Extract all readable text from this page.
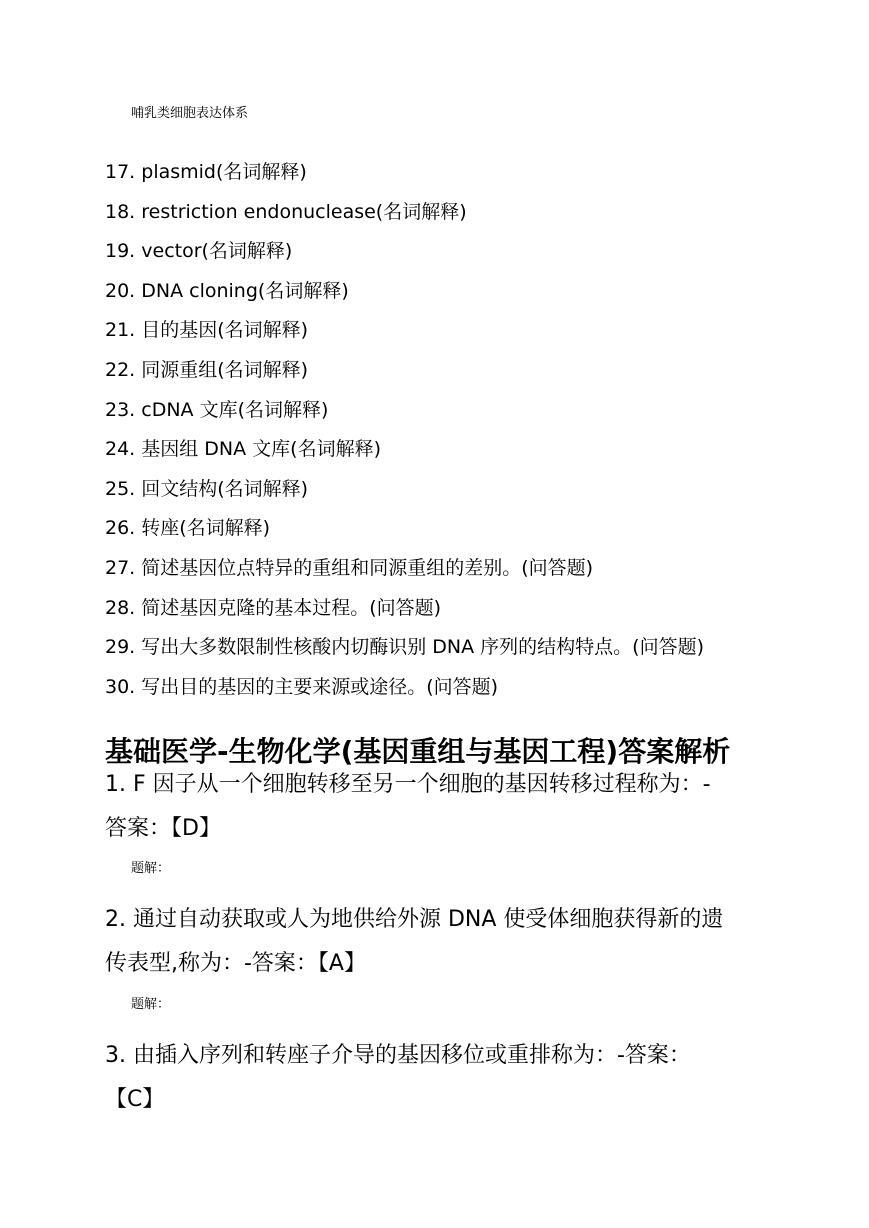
哺乳类细胞表达体系
17. plasmid(名词解释)
18. restriction endonuclease(名词解释)
19. vector(名词解释)
20. DNA cloning(名词解释)
21. 目的基因(名词解释)
22. 同源重组(名词解释)
23. cDNA 文库(名词解释)
24. 基因组 DNA 文库(名词解释)
25. 回文结构(名词解释)
26. 转座(名词解释)
27. 简述基因位点特异的重组和同源重组的差别。(问答题)
28. 简述基因克隆的基本过程。(问答题)
29. 写出大多数限制性核酸内切酶识别 DNA 序列的结构特点。(问答题)
30. 写出目的基因的主要来源或途径。(问答题)
基础医学-生物化学(基因重组与基因工程)答案解析

1. F 因子从一个细胞转移至另一个细胞的基因转移过程称为：-

答案：【D】

题解：

2. 通过自动获取或人为地供给外源 DNA 使受体细胞获得新的遗

传表型,称为：-答案：【A】

题解：

3. 由插入序列和转座子介导的基因移位或重排称为：-答案：

【C】
